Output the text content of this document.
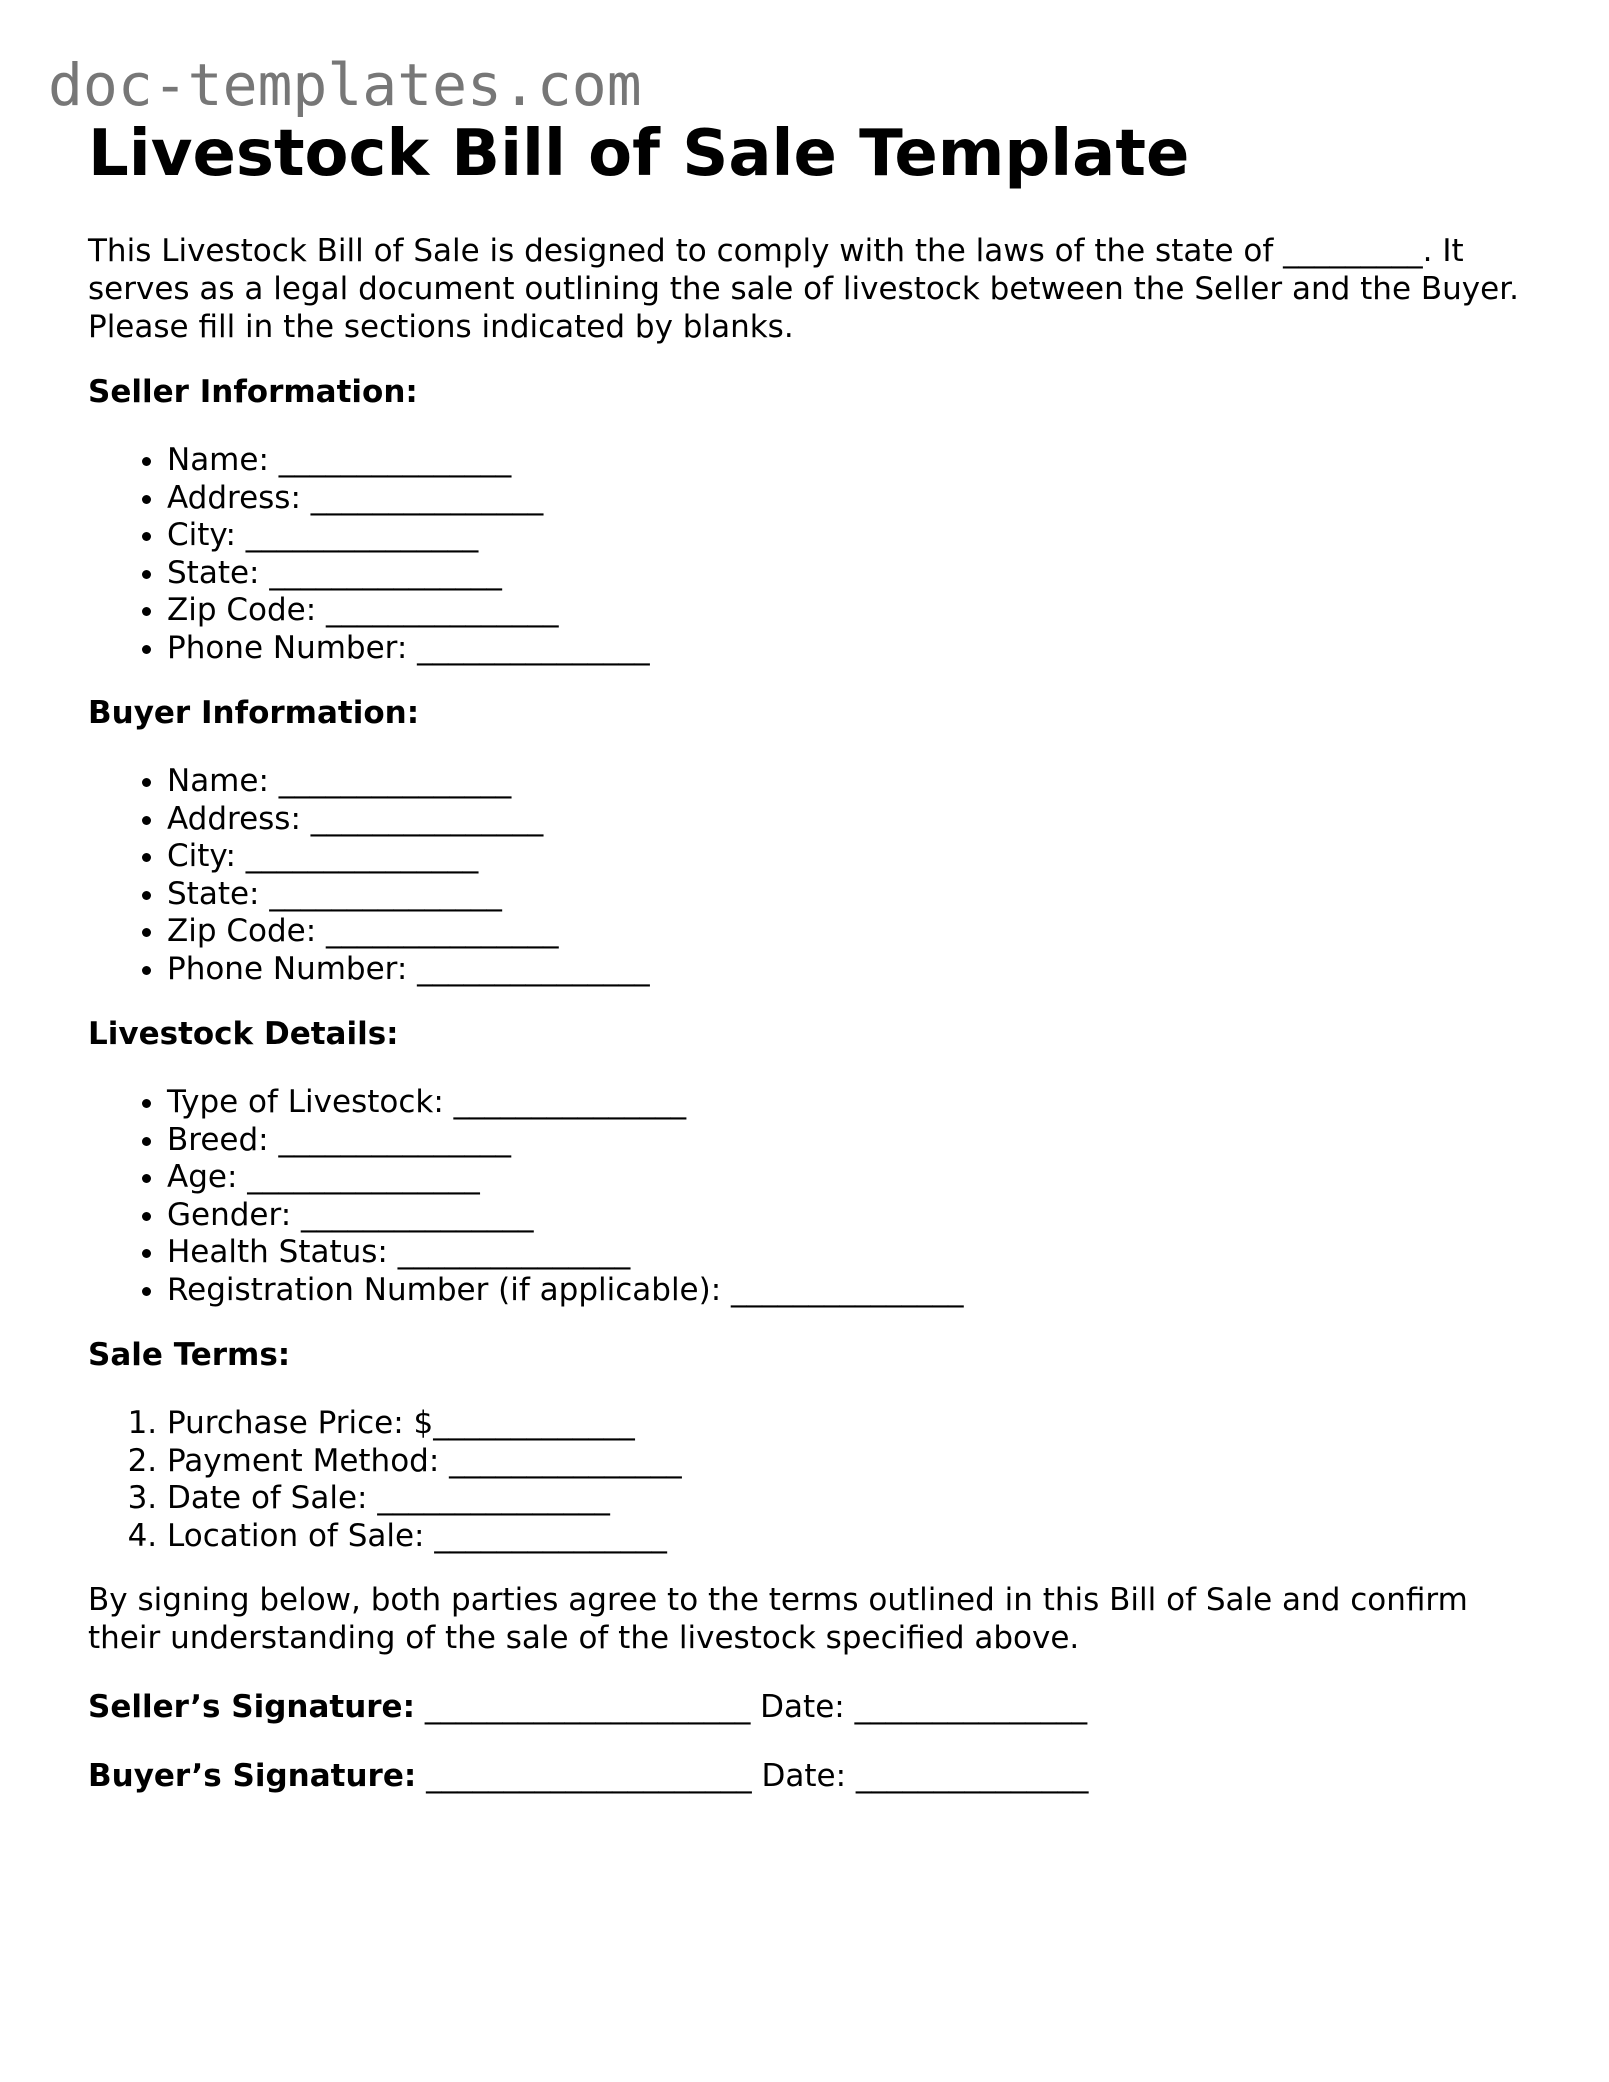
doc-templates.com
Livestock Bill of Sale Template

This Livestock Bill of Sale is designed to comply with the laws of the state of _________. It serves as a legal document outlining the sale of livestock between the Seller and the Buyer. Please fill in the sections indicated by blanks.

Seller Information:
• Name: _______________
• Address: _______________
• City: _______________
• State: _______________
• Zip Code: _______________
• Phone Number: _______________
Buyer Information:
• Name: _______________
• Address: _______________
• City: _______________
• State: _______________
• Zip Code: _______________
• Phone Number: _______________
Livestock Details:
• Type of Livestock: _______________
• Breed: _______________
• Age: _______________
• Gender: _______________
• Health Status: _______________
• Registration Number (if applicable): _______________
Sale Terms:
1. Purchase Price: $_____________
2. Payment Method: _______________
3. Date of Sale: _______________
4. Location of Sale: _______________

By signing below, both parties agree to the terms outlined in this Bill of Sale and confirm their understanding of the sale of the livestock specified above.

Seller’s Signature: _____________________ Date: _______________
Buyer’s Signature: _____________________ Date: _______________
